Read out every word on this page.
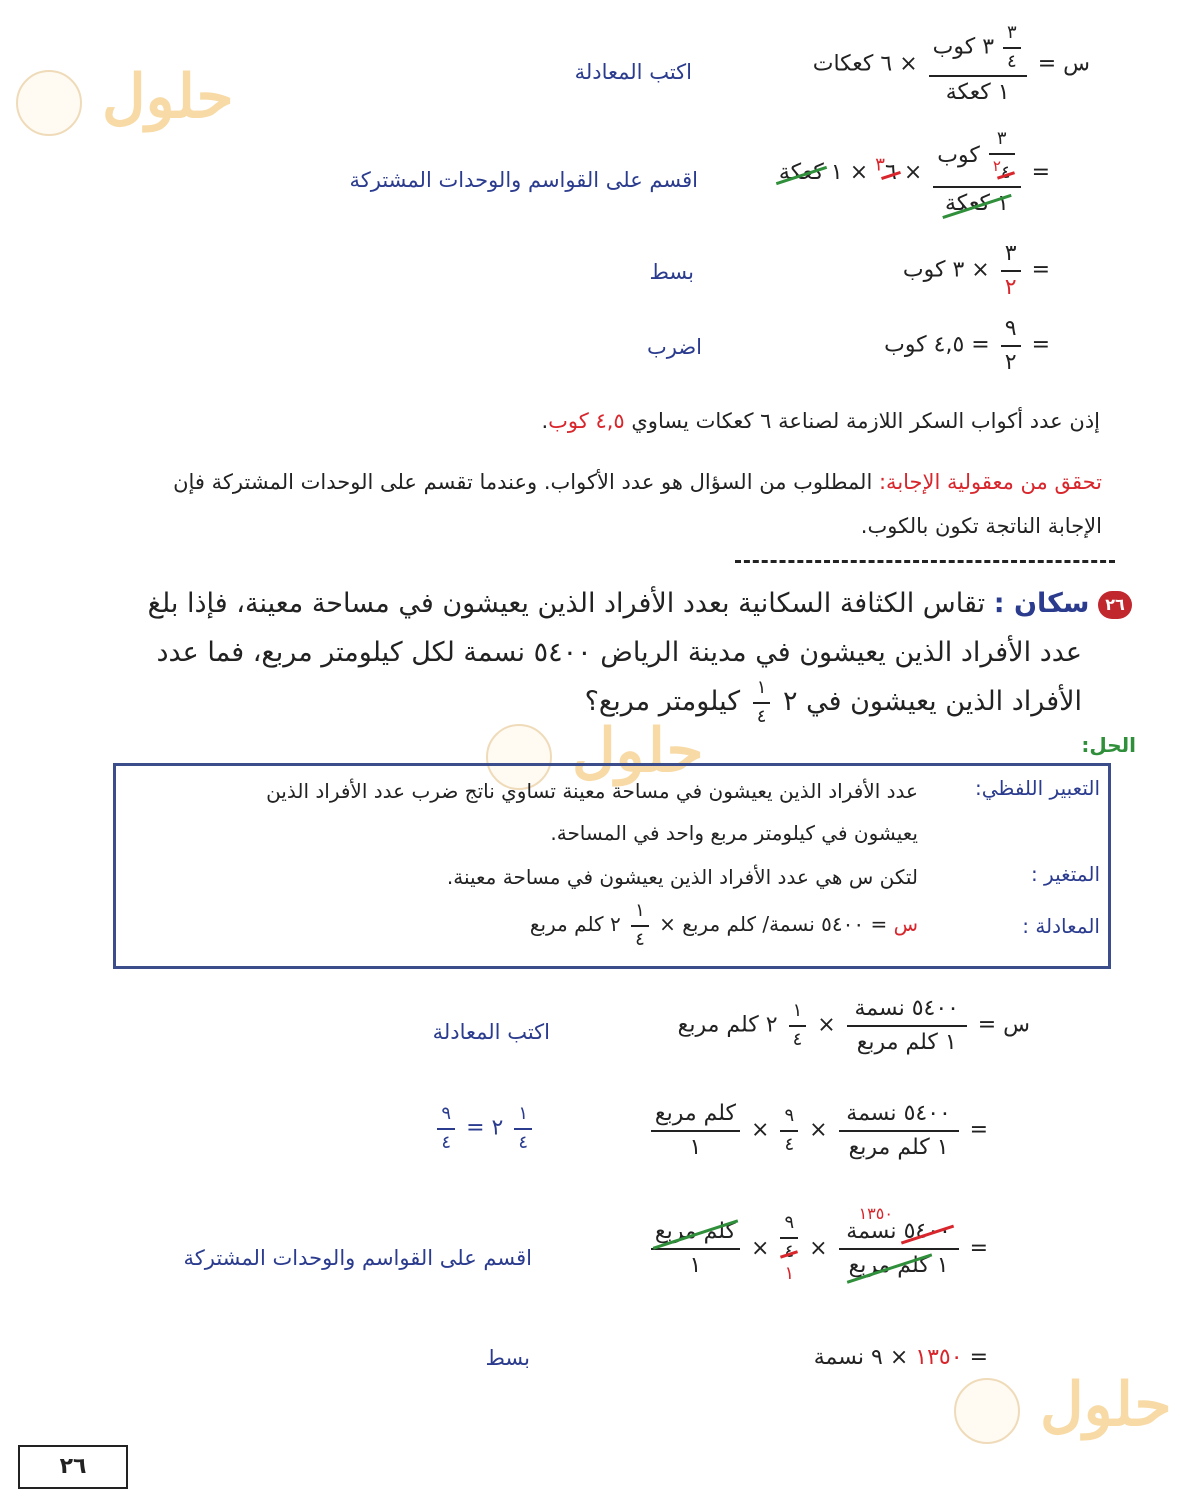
حلول
حلول
حلول
س =
$\frac{٣}{٤}$
٣ كوب
١ كعكة
× ٦ كعكات
اكتب المعادلة
=
$\frac{٣}{٤^٢}$
كوب
١ كعكة
× $٦^٣$ × ١ كعكة
اقسم على القواسم والوحدات المشتركة
=
$\frac{٣}{٢}$
× ٣ كوب
بسط
=
$\frac{٩}{٢}$
= ٤,٥ كوب
اضرب
إذن عدد أكواب السكر اللازمة لصناعة ٦ كعكات يساوي ٤,٥ كوب.
تحقق من معقولية الإجابة: المطلوب من السؤال هو عدد الأكواب. وعندما تقسم على الوحدات المشتركة فإن
الإجابة الناتجة تكون بالكوب.
٢٦ سكان : تقاس الكثافة السكانية بعدد الأفراد الذين يعيشون في مساحة معينة، فإذا بلغ
عدد الأفراد الذين يعيشون في مدينة الرياض ٥٤٠٠ نسمة لكل كيلومتر مربع، فما عدد
الأفراد الذين يعيشون في ٢
$\frac{١}{٤}$
كيلومتر مربع؟
الحل:
التعبير اللفظي:
عدد الأفراد الذين يعيشون في مساحة معينة تساوي ناتج ضرب عدد الأفراد الذين
يعيشون في كيلومتر مربع واحد في المساحة.
المتغير :
لتكن س هي عدد الأفراد الذين يعيشون في مساحة معينة.
المعادلة :
س = ٥٤٠٠ نسمة/ كلم مربع ×
$\frac{١}{٤}$
٢ كلم مربع
س =
$\frac{\text{٥٤٠٠ نسمة}}{\text{١ كلم مربع}}$
×
$\frac{١}{٤}$
٢ كلم مربع
اكتب المعادلة
=
$\frac{\text{٥٤٠٠ نسمة}}{\text{١ كلم مربع}}$
×
$\frac{٩}{٤}$
×
$\frac{\text{كلم مربع}}{١}$
$\frac{١}{٤}$
٢ =
$\frac{٩}{٤}$
=
١٣٥٠
٥٤٠٠ نسمة
١ كلم مربع
×
٩
٤
١
×
$\frac{\text{كلم مربع}}{١}$
اقسم على القواسم والوحدات المشتركة
= ١٣٥٠ × ٩ نسمة
بسط
٢٦
